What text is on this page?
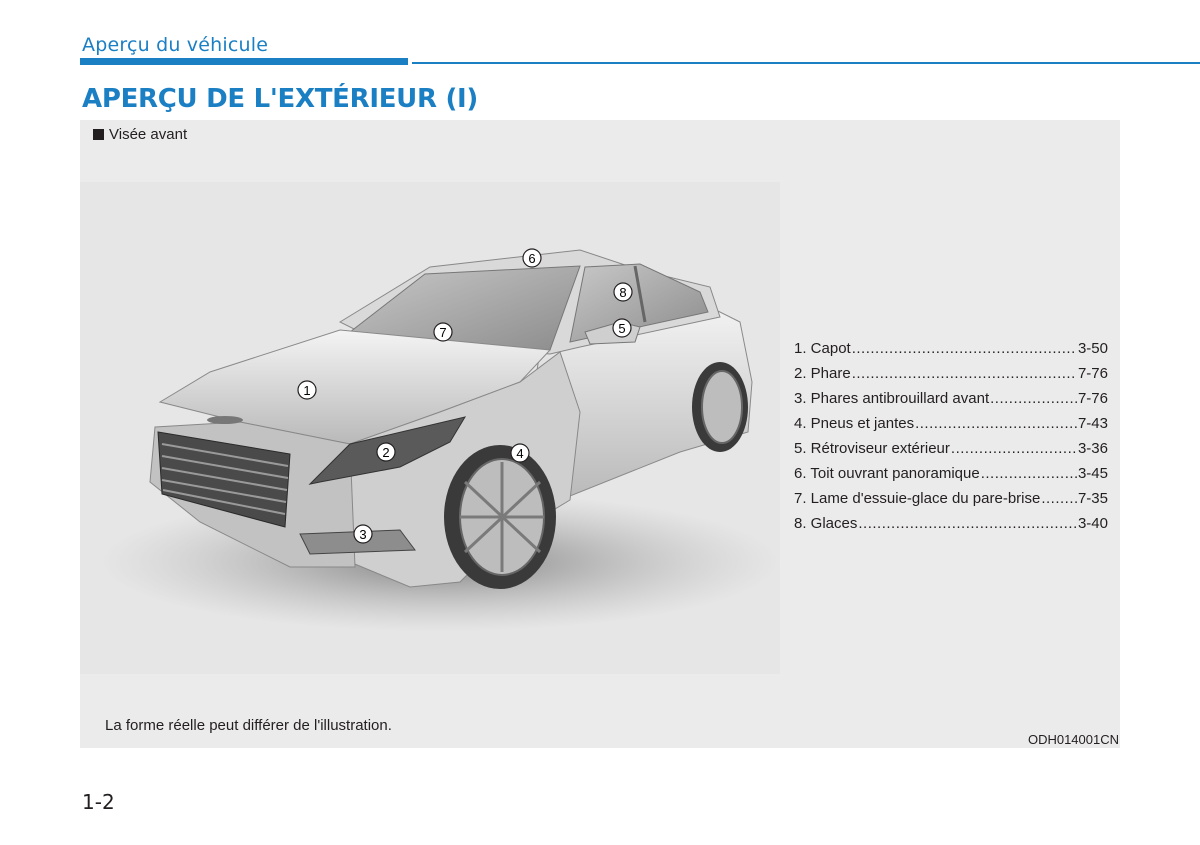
Aperçu du véhicule
APERÇU DE L'EXTÉRIEUR (I)
Visée avant
1
2
3
4
5
6
7
8
1. Capot .....	3-50
2. Phare .....	7-76
3. Phares antibrouillard avant .....	7-76
4. Pneus et jantes .....	7-43
5. Rétroviseur extérieur .....	3-36
6. Toit ouvrant panoramique .....	3-45
7. Lame d'essuie-glace du pare-brise .....	7-35
8. Glaces .....	3-40
La forme réelle peut différer de l'illustration.
ODH014001CN
1-2
